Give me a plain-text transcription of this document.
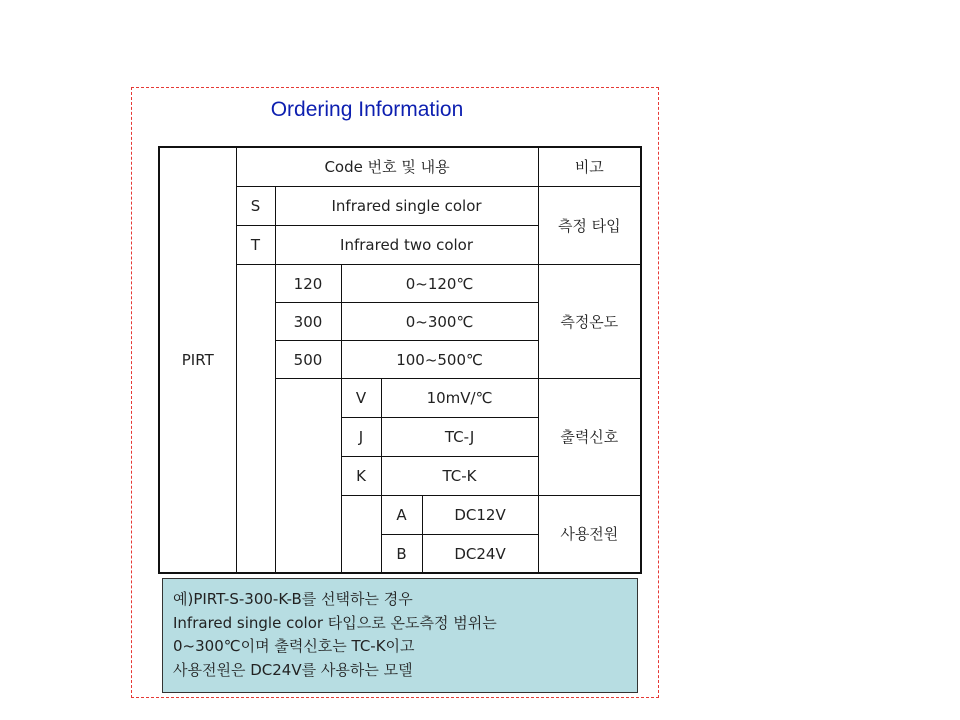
Ordering Information
PIRT	Code 번호 및 내용					비고
	S	Infrared single color				측정 타입
	T	Infrared two color				
		120	0~120℃			측정온도
		300	0~300℃			
		500	100~500℃			
			V	10mV/℃		출력신호
			J	TC-J		
			K	TC-K		
				A	DC12V	사용전원
				B	DC24V	
예)PIRT-S-300-K-B를 선택하는 경우
Infrared single color 타입으로 온도측정 범위는
0~300℃이며 출력신호는 TC-K이고
사용전원은 DC24V를 사용하는 모델
